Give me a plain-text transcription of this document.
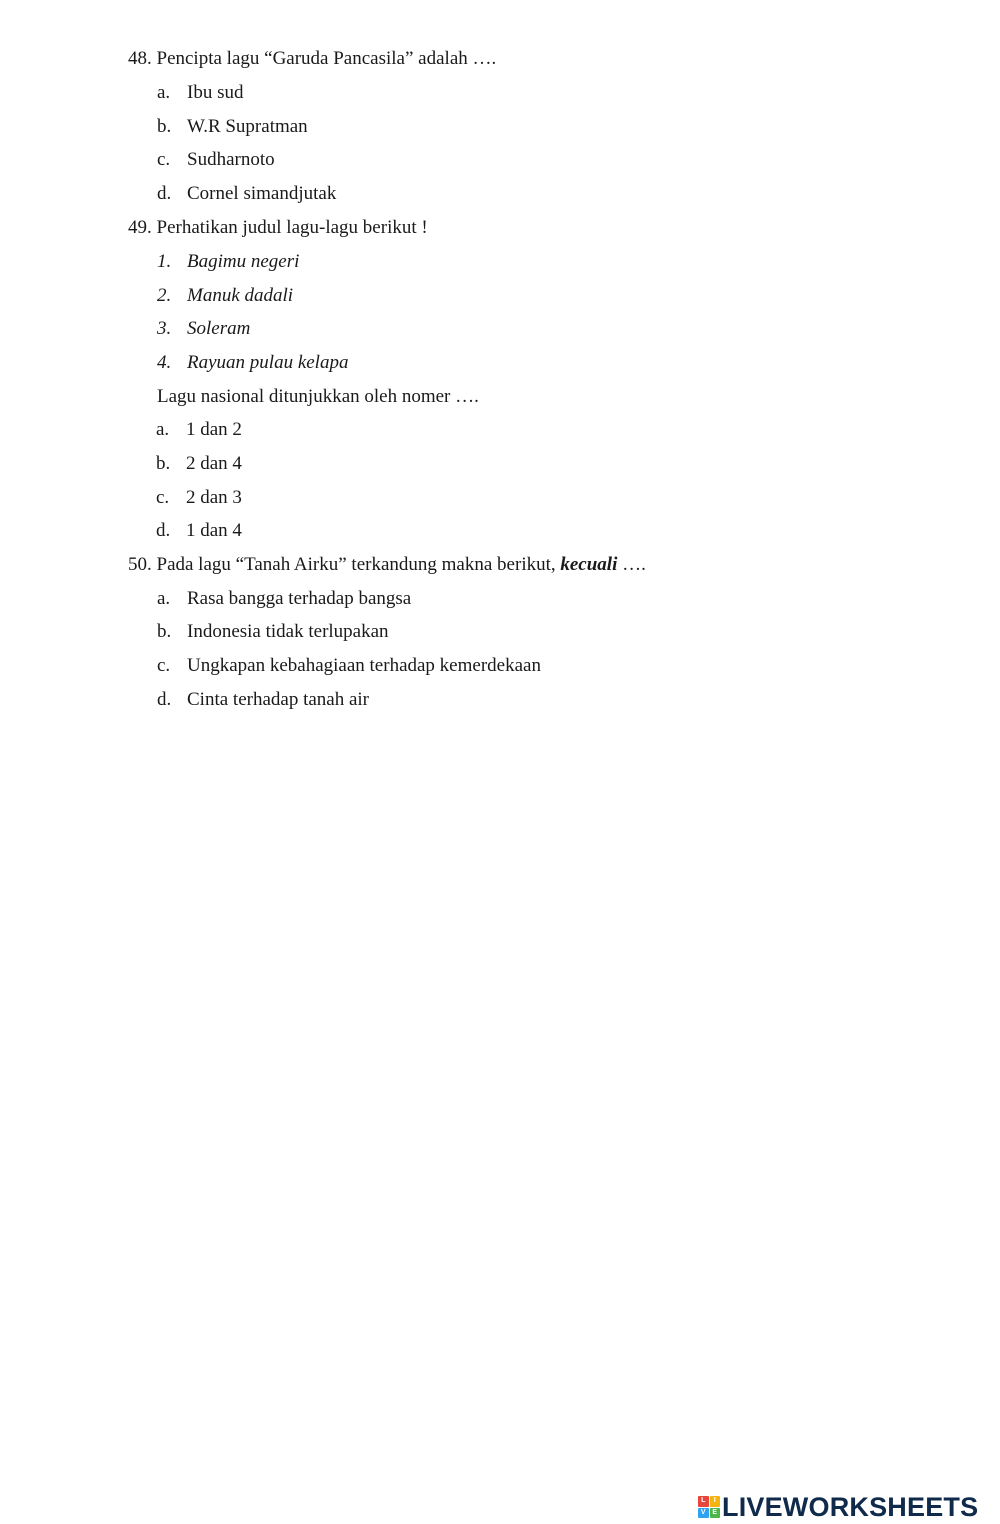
48. Pencipta lagu “Garuda Pancasila” adalah ….
a. Ibu sud
b. W.R Supratman
c. Sudharnoto
d. Cornel simandjutak
49. Perhatikan judul lagu-lagu berikut !
1. Bagimu negeri
2. Manuk dadali
3. Soleram
4. Rayuan pulau kelapa
Lagu nasional ditunjukkan oleh nomer ….
a. 1 dan 2
b. 2 dan 4
c. 2 dan 3
d. 1 dan 4
50. Pada lagu “Tanah Airku” terkandung makna berikut, kecuali ….
a. Rasa bangga terhadap bangsa
b. Indonesia tidak terlupakan
c. Ungkapan kebahagiaan terhadap kemerdekaan
d. Cinta terhadap tanah air
L	I
V E LIVEWORKSHEETS
